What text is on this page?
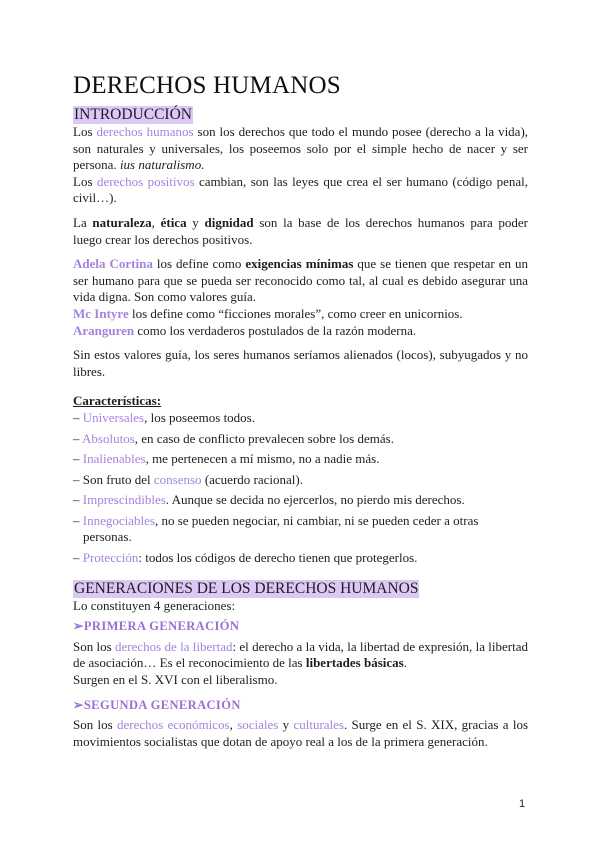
DERECHOS HUMANOS
INTRODUCCIÓN

Los derechos humanos son los derechos que todo el mundo posee (derecho a la vida), son naturales y universales, los poseemos solo por el simple hecho de nacer y ser persona. ius naturalismo.

Los derechos positivos cambian, son las leyes que crea el ser humano (código penal, civil…).

La naturaleza, ética y dignidad son la base de los derechos humanos para poder luego crear los derechos positivos.

Adela Cortina los define como exigencias mínimas que se tienen que respetar en un ser humano para que se pueda ser reconocido como tal, al cual es debido asegurar una vida digna. Son como valores guía.

Mc Intyre los define como “ficciones morales”, como creer en unicornios.

Aranguren como los verdaderos postulados de la razón moderna.

Sin estos valores guía, los seres humanos seríamos alienados (locos), subyugados y no libres.

Características:

– Universales, los poseemos todos.

– Absolutos, en caso de conflicto prevalecen sobre los demás.

– Inalienables, me pertenecen a mí mismo, no a nadie más.

– Son fruto del consenso (acuerdo racional).

– Imprescindibles. Aunque se decida no ejercerlos, no pierdo mis derechos.

– Innegociables, no se pueden negociar, ni cambiar, ni se pueden ceder a otras personas.

– Protección: todos los códigos de derecho tienen que protegerlos.

GENERACIONES DE LOS DERECHOS HUMANOS

Lo constituyen 4 generaciones:

➢PRIMERA GENERACIÓN

Son los derechos de la libertad: el derecho a la vida, la libertad de expresión, la libertad de asociación… Es el reconocimiento de las libertades básicas.

Surgen en el S. XVI con el liberalismo.

➢SEGUNDA GENERACIÓN

Son los derechos económicos, sociales y culturales. Surge en el S. XIX, gracias a los movimientos socialistas que dotan de apoyo real a los de la primera generación.

1
